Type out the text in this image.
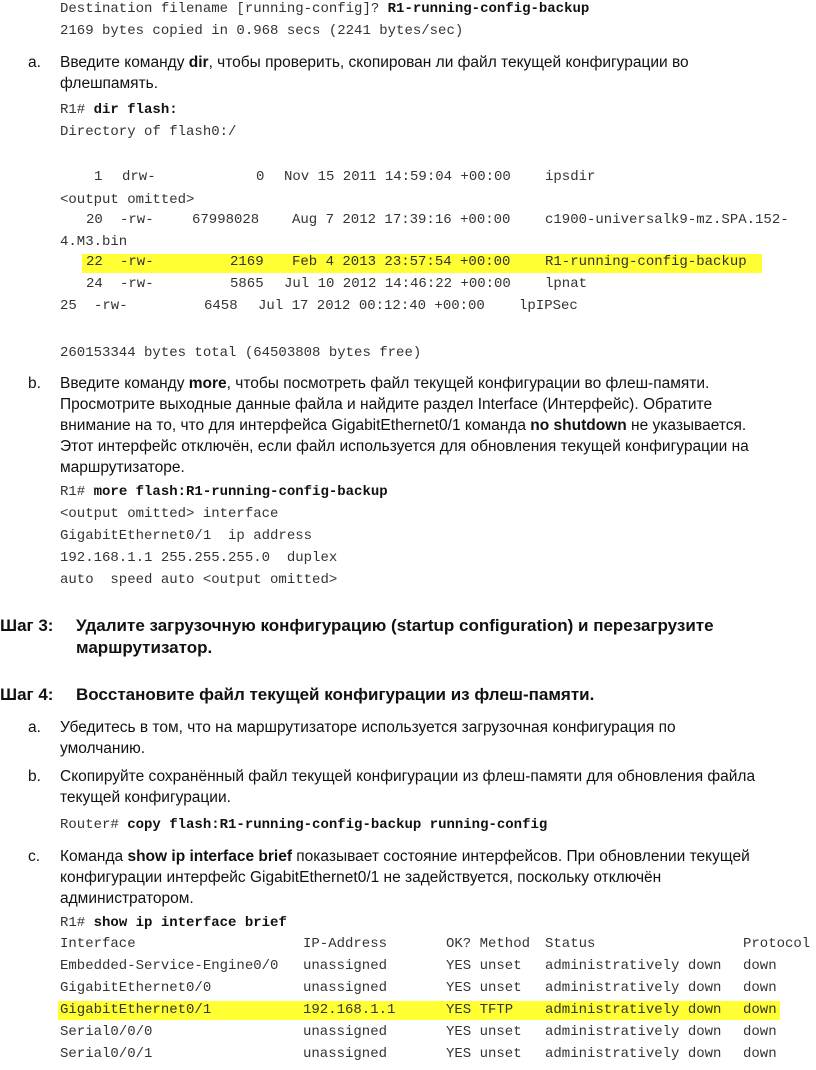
Destination filename [running-config]? R1-running-config-backup
2169 bytes copied in 0.968 secs (2241 bytes/sec)
a. Введите команду dir, чтобы проверить, скопирован ли файл текущей конфигурации во
флешпамять.
R1# dir flash:
Directory of flash0:/
1 drw-	0 Nov 15 2011 14:59:04 +00:00 ipsdir
<output omitted>
20 -rw-	67998028 Aug 7 2012 17:39:16 +00:00 c1900-universalk9-mz.SPA.152-
4.M3.bin
22 -rw-	2169 Feb 4 2013 23:57:54 +00:00 R1-running-config-backup
24 -rw-	5865 Jul 10 2012 14:46:22 +00:00 lpnat
25 -rw-	6458 Jul 17 2012 00:12:40 +00:00 lpIPSec
260153344 bytes total (64503808 bytes free)
b. Введите команду more, чтобы посмотреть файл текущей конфигурации во флеш-памяти.
Просмотрите выходные данные файла и найдите раздел Interface (Интерфейс). Обратите
внимание на то, что для интерфейса GigabitEthernet0/1 команда no shutdown не указывается.
Этот интерфейс отключён, если файл используется для обновления текущей конфигурации на
маршрутизаторе.
R1# more flash:R1-running-config-backup
<output omitted> interface
GigabitEthernet0/1  ip address
192.168.1.1 255.255.255.0  duplex
auto  speed auto <output omitted>
Шаг 3: Удалите загрузочную конфигурацию (startup configuration) и перезагрузите
маршрутизатор.
Шаг 4: Восстановите файл текущей конфигурации из флеш-памяти.
a. Убедитесь в том, что на маршрутизаторе используется загрузочная конфигурация по
умолчанию.
b. Скопируйте сохранённый файл текущей конфигурации из флеш-памяти для обновления файла
текущей конфигурации.
Router# copy flash:R1-running-config-backup running-config
c. Команда show ip interface brief показывает состояние интерфейсов. При обновлении текущей
конфигурации интерфейс GigabitEthernet0/1 не задействуется, поскольку отключён
администратором.
R1# show ip interface brief
Interface	IP-Address	OK? Method Status	Protocol
Embedded-Service-Engine0/0 unassigned	YES unset administratively down down
GigabitEthernet0/0	unassigned	YES unset administratively down down
GigabitEthernet0/1	192.168.1.1	YES TFTP administratively down down
Serial0/0/0	unassigned	YES unset administratively down down
Serial0/0/1	unassigned	YES unset administratively down down
